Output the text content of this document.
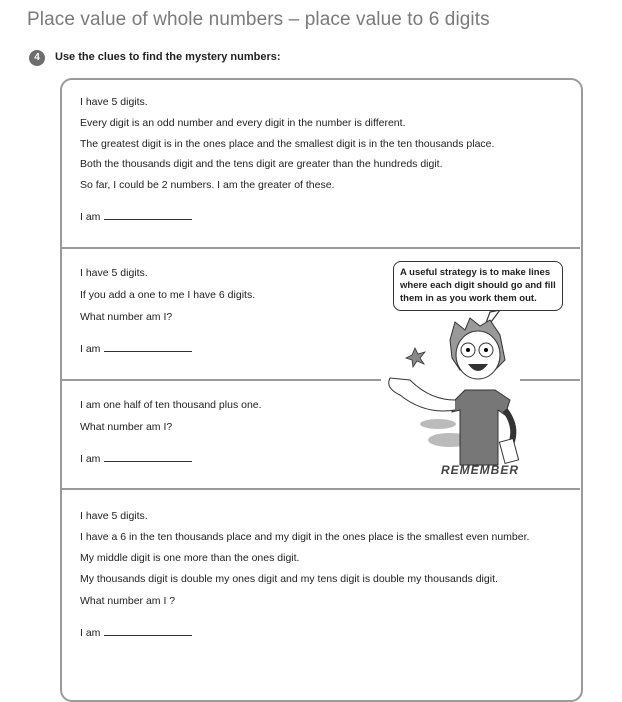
Place value of whole numbers – place value to 6 digits
4	Use the clues to find the mystery numbers:
I have 5 digits.
Every digit is an odd number and every digit in the number is different.
The greatest digit is in the ones place and the smallest digit is in the ten thousands place.
Both the thousands digit and the tens digit are greater than the hundreds digit.
So far, I could be 2 numbers. I am the greater of these.
I am
I have 5 digits.
If you add a one to me I have 6 digits.
What number am I?
I am
I am one half of ten thousand plus one.
What number am I?
I am
I have 5 digits.
I have a 6 in the ten thousands place and my digit in the ones place is the smallest even number.
My middle digit is one more than the ones digit.
My thousands digit is double my ones digit and my tens digit is double my thousands digit.
What number am I ?
I am
A useful strategy is to make lines where each digit should go and fill them in as you work them out.
REMEMBER
